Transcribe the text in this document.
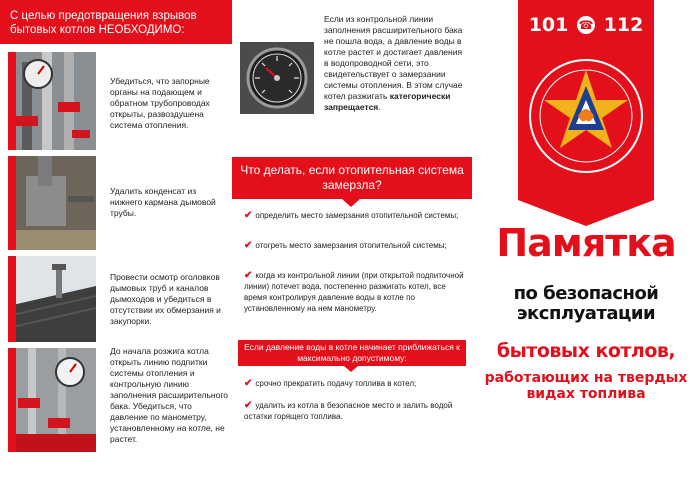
С целью предотвращения взрывов бытовых котлов НЕОБХОДИМО:
Убедиться, что запорные органы на подающем и обратном трубопроводах открыты, развоздушена система отопления.
Удалить конденсат из нижнего кармана дымовой трубы.
Провести осмотр оголовков дымовых труб и каналов дымоходов и убедиться в отсутствии их обмерзания и закупорки.
До начала розжига котла открыть линию подпитки системы отопления и контрольную линию заполнения расширительного бака. Убедиться, что давление по манометру, установленному на котле, не растет.
Если из контрольной линии заполнения расширительного бака не пошла вода, а давление воды в котле растет и достигает давления в водопроводной сети, это свидетельствует о замерзании системы отопления. В этом случае котел разжигать категорически запрещается.
Что делать, если отопительная система замерзла?
✔ определить место замерзания отопительной системы;
✔ отогреть место замерзания отопительной системы;
✔ когда из контрольной линии (при открытой подпиточной линии) потечет вода, постепенно разжигать котел, все время контролируя давление воды в котле по установленному на нем манометру.
Если давление воды в котле начинает приближаться к максимально допустимому:
✔ срочно прекратить подачу топлива в котел;
✔ удалить из котла в безопасное место и залить водой остатки горящего топлива.
101 ☎ 112
Памятка
по безопасной эксплуатации
бытовых котлов,
работающих на твердых видах топлива
